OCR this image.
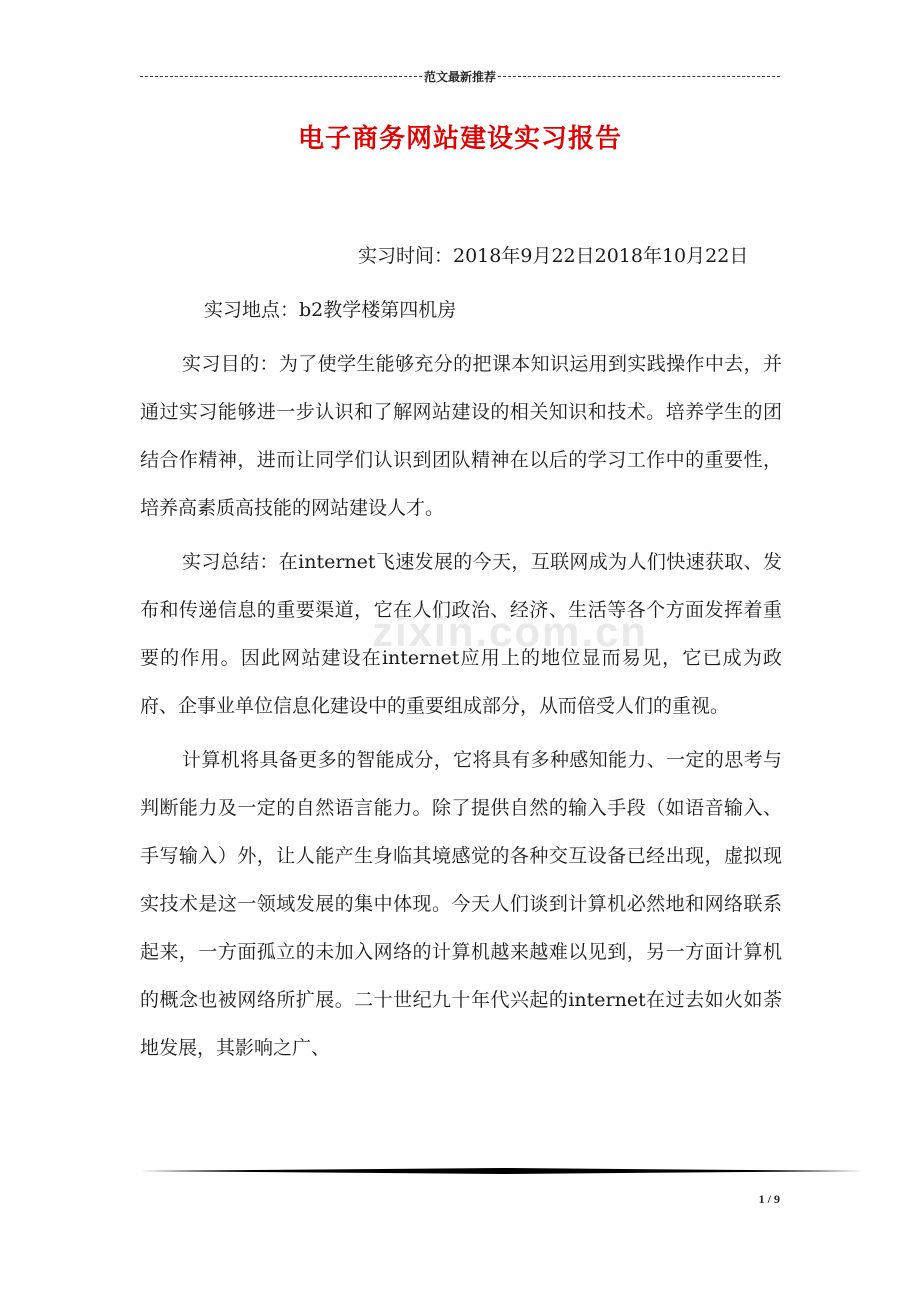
范文最新推荐
电子商务网站建设实习报告

实习时间：2018年9月22日2018年10月22日

实习地点：b2教学楼第四机房

实习目的：为了使学生能够充分的把课本知识运用到实践操作中去，并通过实习能够进一步认识和了解网站建设的相关知识和技术。培养学生的团结合作精神，进而让同学们认识到团队精神在以后的学习工作中的重要性，培养高素质高技能的网站建设人才。

实习总结：在internet飞速发展的今天，互联网成为人们快速获取、发布和传递信息的重要渠道，它在人们政治、经济、生活等各个方面发挥着重要的作用。因此网站建设在internet应用上的地位显而易见，它已成为政府、企事业单位信息化建设中的重要组成部分，从而倍受人们的重视。

计算机将具备更多的智能成分，它将具有多种感知能力、一定的思考与判断能力及一定的自然语言能力。除了提供自然的输入手段（如语音输入、手写输入）外，让人能产生身临其境感觉的各种交互设备已经出现，虚拟现实技术是这一领域发展的集中体现。今天人们谈到计算机必然地和网络联系起来，一方面孤立的未加入网络的计算机越来越难以见到，另一方面计算机的概念也被网络所扩展。二十世纪九十年代兴起的internet在过去如火如荼地发展，其影响之广、

zixin.com.cn
1 / 9
